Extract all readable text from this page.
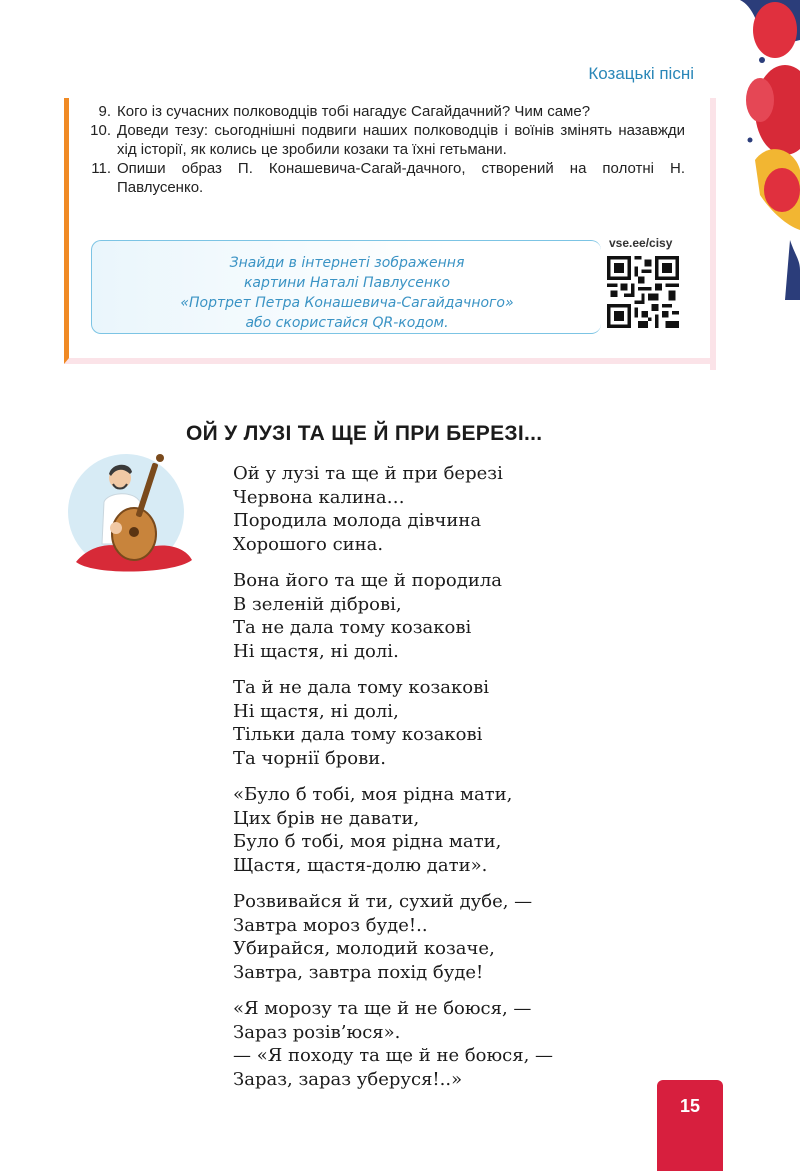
Козацькі пісні
9. Кого із сучасних полководців тобі нагадує Сагайдачний? Чим саме?
10. Доведи тезу: сьогоднішні подвиги наших полководців і воїнів змінять назавжди хід історії, як колись це зробили козаки та їхні гетьмани.
11. Опиши образ П. Конашевича-Сагай-дачного, створений на полотні Н. Павлусенко.
Знайди в інтернеті зображення
картини Наталі Павлусенко
«Портрет Петра Конашевича-Сагайдачного»
або скористайся QR-кодом.
vse.ee/cisy
ОЙ У ЛУЗІ ТА ЩЕ Й ПРИ БЕРЕЗІ...
Ой у лузі та ще й при березі
Червона калина…
Породила молода дівчина
Хорошого сина.
Вона його та ще й породила
В зеленій діброві,
Та не дала тому козакові
Ні щастя, ні долі.
Та й не дала тому козакові
Ні щастя, ні долі,
Тільки дала тому козакові
Та чорнії брови.
«Було б тобі, моя рідна мати,
Цих брів не давати,
Було б тобі, моя рідна мати,
Щастя, щастя-долю дати».
Розвивайся й ти, сухий дубе, —
Завтра мороз буде!..
Убирайся, молодий козаче,
Завтра, завтра похід буде!
«Я морозу та ще й не боюся, —
Зараз розів’юся».
— «Я походу та ще й не боюся, —
Зараз, зараз уберуся!..»
15
